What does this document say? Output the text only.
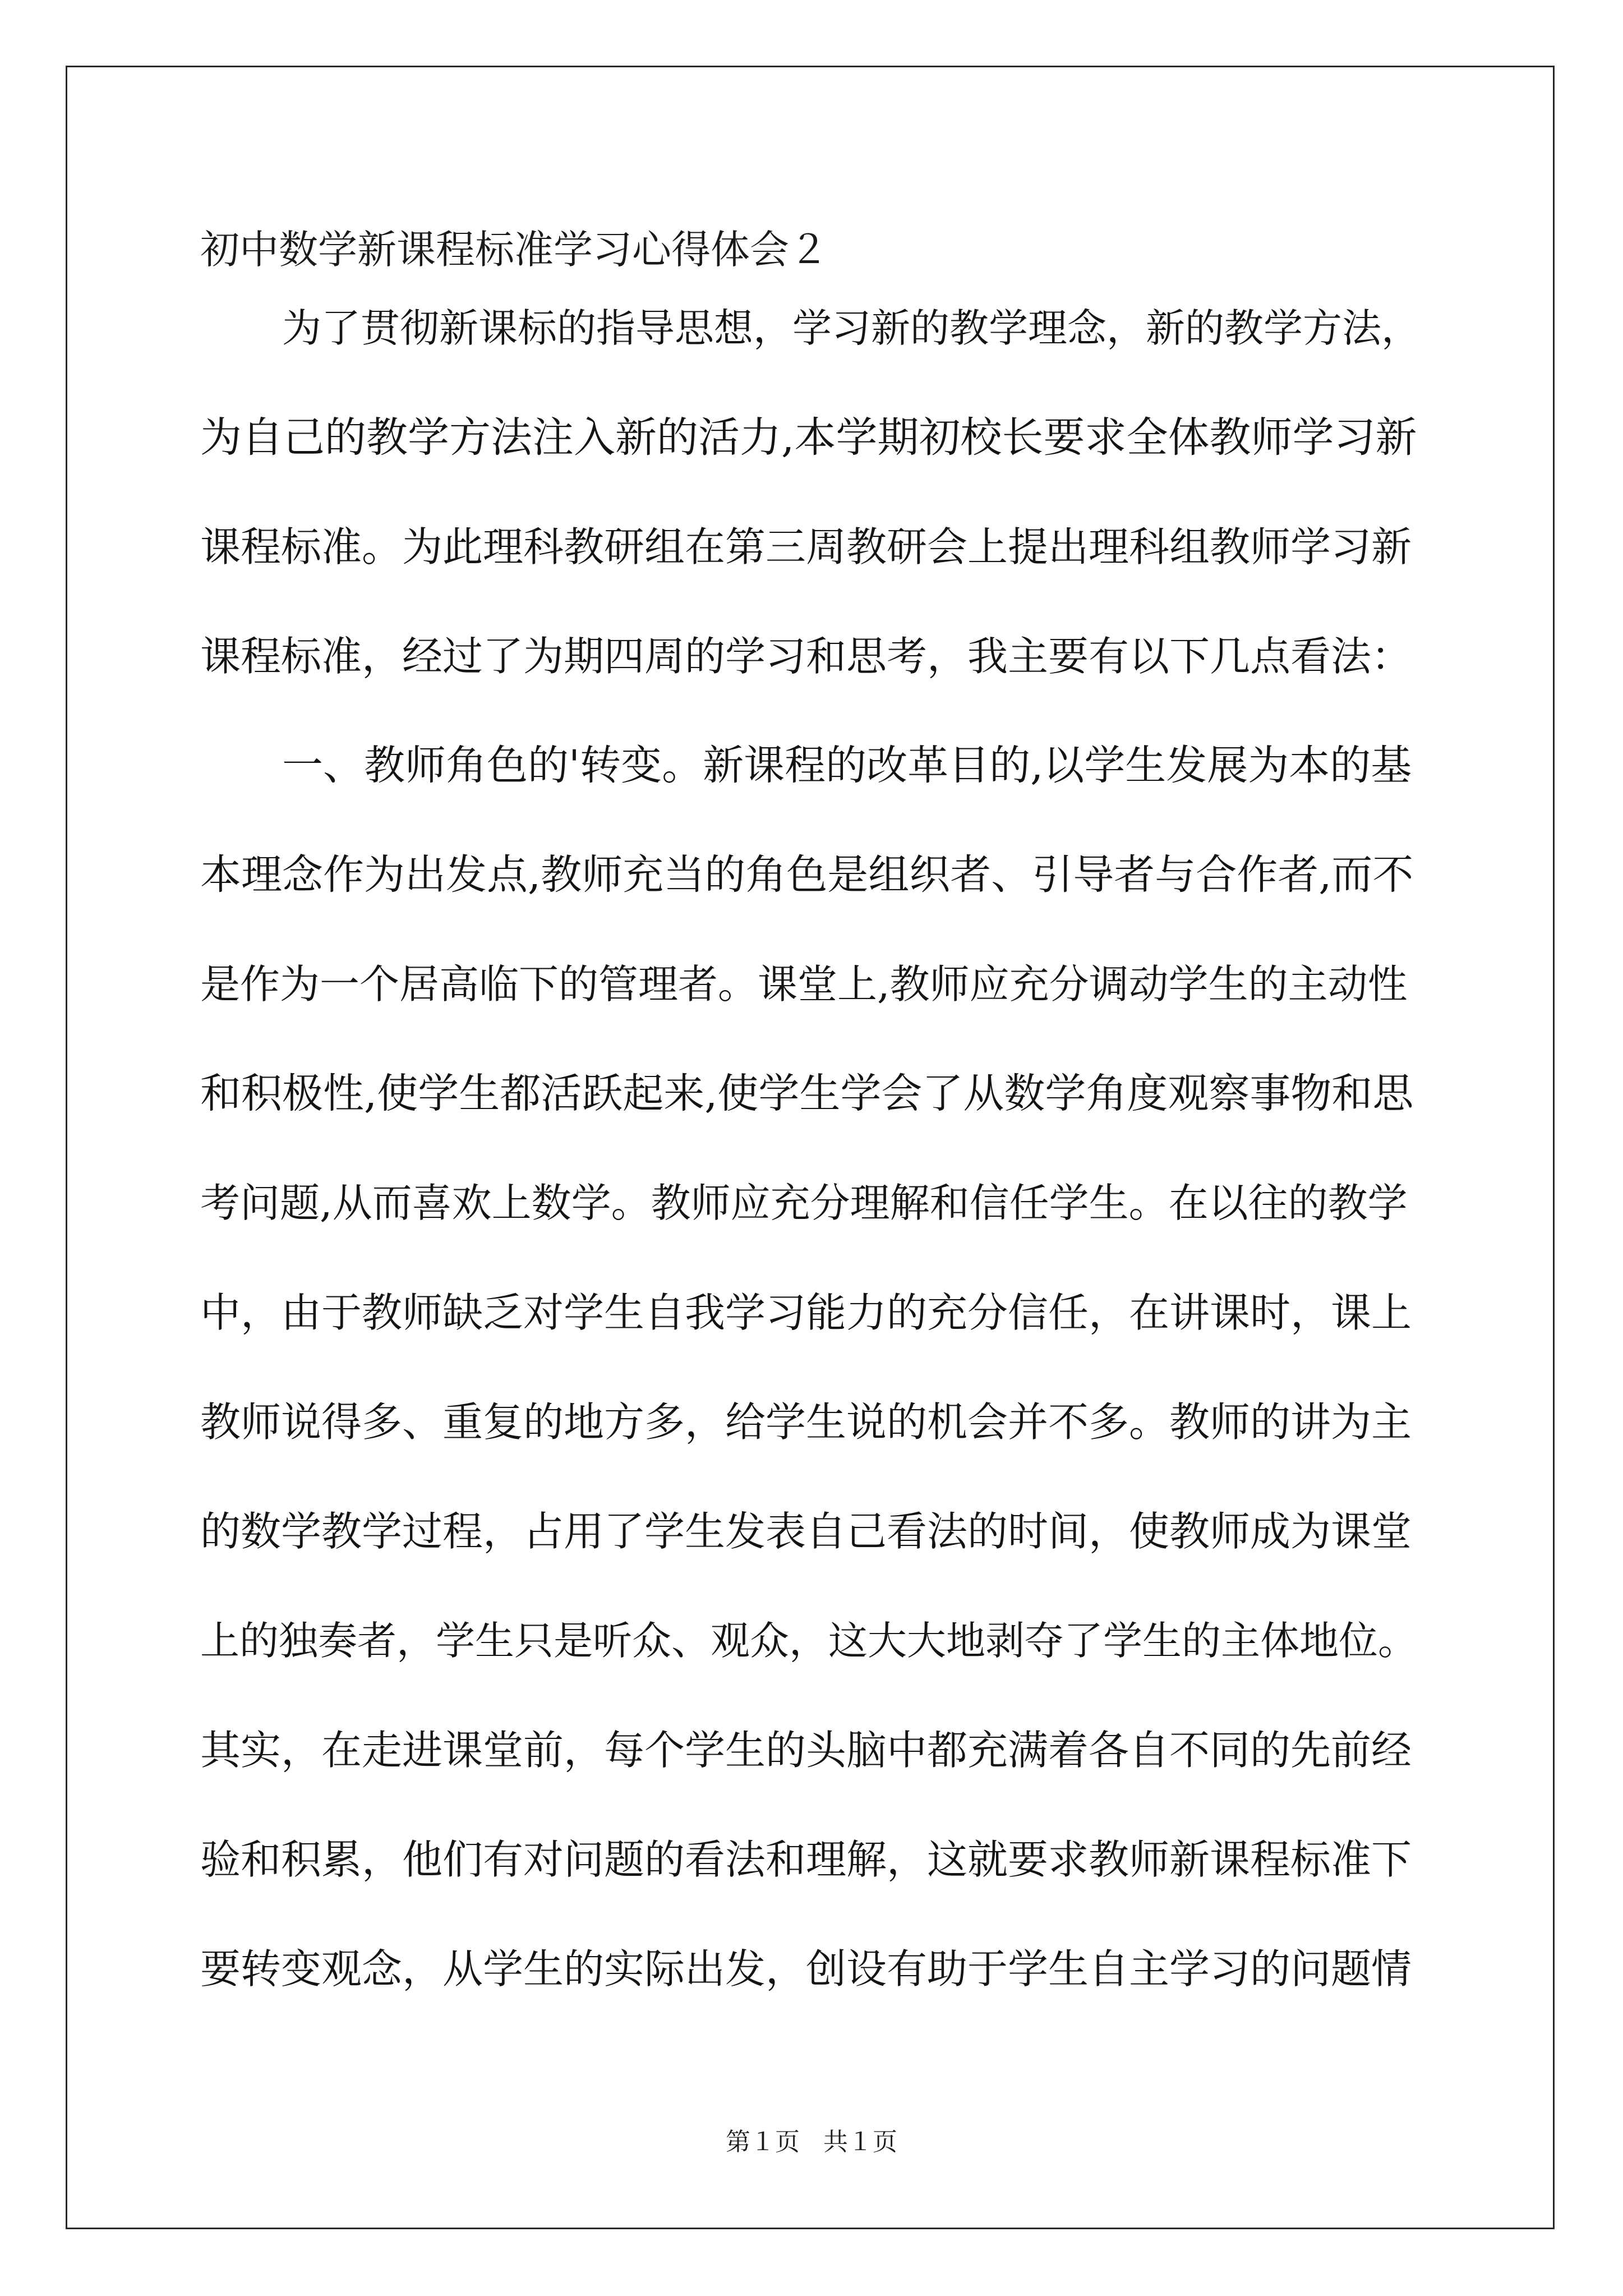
初中数学新课程标准学习心得体会２
为了贯彻新课标的指导思想，学习新的教学理念，新的教学方法，
为自己的教学方法注入新的活力,本学期初校长要求全体教师学习新
课程标准。为此理科教研组在第三周教研会上提出理科组教师学习新
课程标准，经过了为期四周的学习和思考，我主要有以下几点看法：
一、教师角色的'转变。新课程的改革目的,以学生发展为本的基
本理念作为出发点,教师充当的角色是组织者、引导者与合作者,而不
是作为一个居高临下的管理者。课堂上,教师应充分调动学生的主动性
和积极性,使学生都活跃起来,使学生学会了从数学角度观察事物和思
考问题,从而喜欢上数学。教师应充分理解和信任学生。在以往的教学
中，由于教师缺乏对学生自我学习能力的充分信任，在讲课时，课上
教师说得多、重复的地方多，给学生说的机会并不多。教师的讲为主
的数学教学过程，占用了学生发表自己看法的时间，使教师成为课堂
上的独奏者，学生只是听众、观众，这大大地剥夺了学生的主体地位。
其实，在走进课堂前，每个学生的头脑中都充满着各自不同的先前经
验和积累，他们有对问题的看法和理解，这就要求教师新课程标准下
要转变观念，从学生的实际出发，创设有助于学生自主学习的问题情
第１页   共１页
